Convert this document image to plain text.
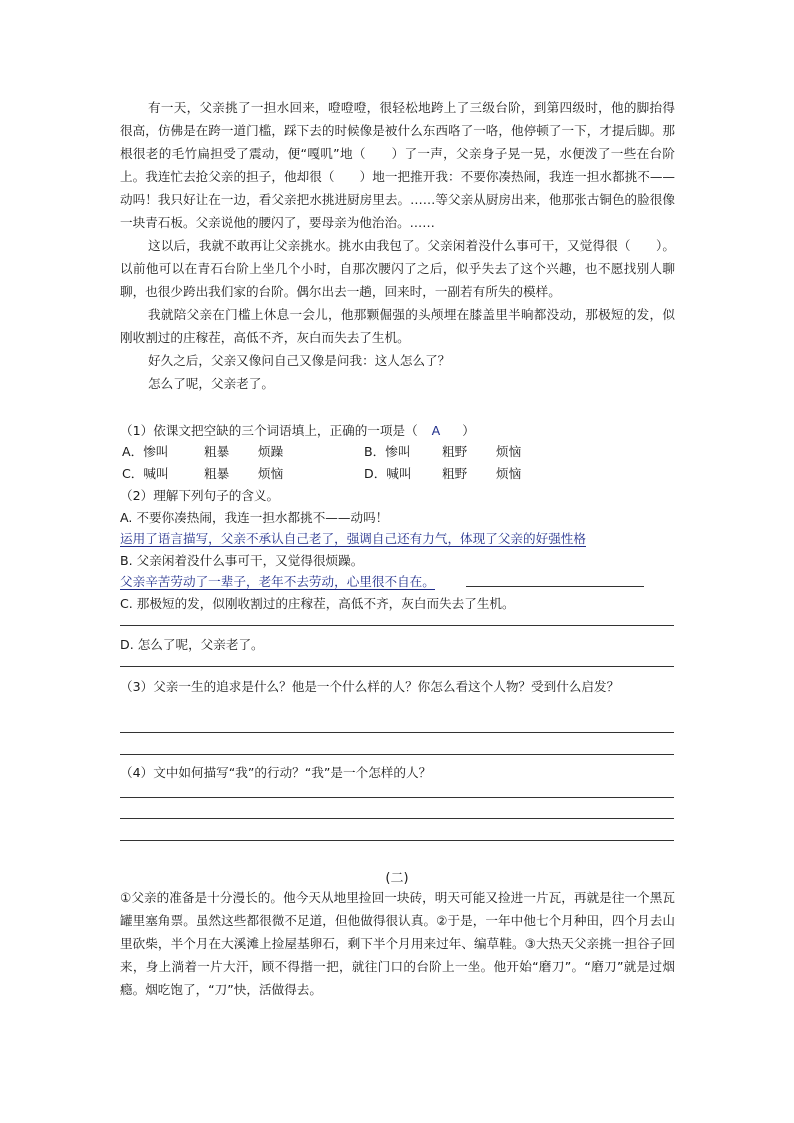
有一天，父亲挑了一担水回来，噔噔噔，很轻松地跨上了三级台阶，到第四级时，他的脚抬得很高，仿佛是在跨一道门槛，踩下去的时候像是被什么东西咯了一咯，他停顿了一下，才提后脚。那根很老的毛竹扁担受了震动，便“嘎叽”地（　　）了一声，父亲身子晃一晃，水便泼了一些在台阶上。我连忙去抢父亲的担子，他却很（　　）地一把推开我：不要你凑热闹，我连一担水都挑不——动吗！我只好让在一边，看父亲把水挑进厨房里去。……等父亲从厨房出来，他那张古铜色的脸很像一块青石板。父亲说他的腰闪了，要母亲为他治治。……

这以后，我就不敢再让父亲挑水。挑水由我包了。父亲闲着没什么事可干，又觉得很（　　）。以前他可以在青石台阶上坐几个小时，自那次腰闪了之后，似乎失去了这个兴趣，也不愿找别人聊聊，也很少跨出我们家的台阶。偶尔出去一趟，回来时，一副若有所失的模样。

我就陪父亲在门槛上休息一会儿，他那颗倔强的头颅埋在膝盖里半晌都没动，那极短的发，似刚收割过的庄稼茬，高低不齐，灰白而失去了生机。

好久之后，父亲又像问自己又像是问我：这人怎么了？

怎么了呢，父亲老了。

（1）依课文把空缺的三个词语填上，正确的一项是（ A ）
A．惨叫	粗暴 烦躁	B．惨叫	粗野 烦恼
C．喊叫	粗暴 烦恼	D．喊叫 粗野 烦恼
（2）理解下列句子的含义。
A. 不要你凑热闹，我连一担水都挑不——动吗！
运用了语言描写，父亲不承认自己老了，强调自己还有力气，体现了父亲的好强性格
B. 父亲闲着没什么事可干，又觉得很烦躁。
父亲辛苦劳动了一辈子，老年不去劳动，心里很不自在。
C. 那极短的发，似刚收割过的庄稼茬，高低不齐，灰白而失去了生机。
D. 怎么了呢，父亲老了。
（3）父亲一生的追求是什么？他是一个什么样的人？你怎么看这个人物？受到什么启发？
（4）文中如何描写“我”的行动？“我”是一个怎样的人？
(二)

①父亲的准备是十分漫长的。他今天从地里捡回一块砖，明天可能又捡进一片瓦，再就是往一个黑瓦罐里塞角票。虽然这些都很微不足道，但他做得很认真。②于是，一年中他七个月种田，四个月去山里砍柴，半个月在大溪滩上捡屋基卵石，剩下半个月用来过年、编草鞋。③大热天父亲挑一担谷子回来，身上淌着一片大汗，顾不得揩一把，就往门口的台阶上一坐。他开始“磨刀”。“磨刀”就是过烟瘾。烟吃饱了，“刀”快，活做得去。
